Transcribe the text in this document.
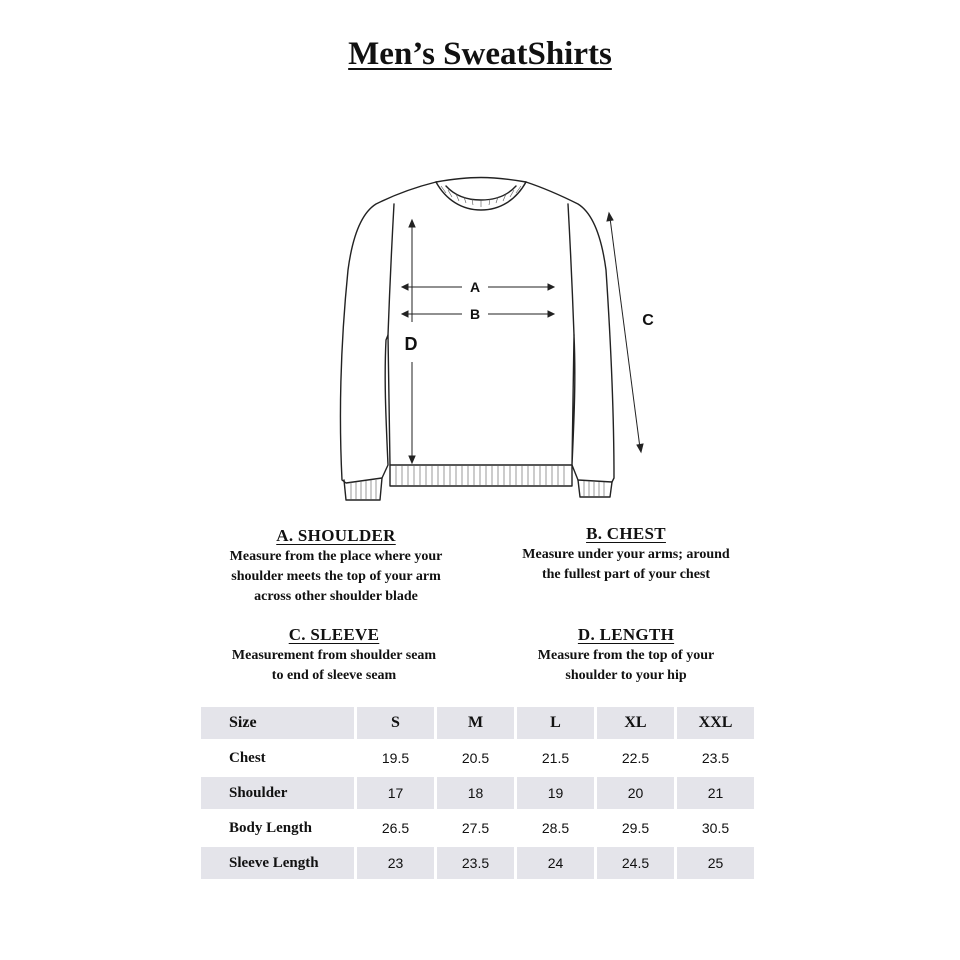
Men’s SweatShirts
A
B	C
D
A. SHOULDER
Measure from the place where your
shoulder meets the top of your arm
across other shoulder blade
B. CHEST
Measure under your arms; around
the fullest part of your chest
C. SLEEVE
Measurement from shoulder seam
to end of sleeve seam
D. LENGTH
Measure from the top of your
shoulder to your hip
Size	S	M	L	XL	XXL
Chest	19.5	20.5	21.5	22.5	23.5
Shoulder	17	18	19	20	21
Body Length	26.5	27.5	28.5	29.5	30.5
Sleeve Length	23	23.5	24	24.5	25
